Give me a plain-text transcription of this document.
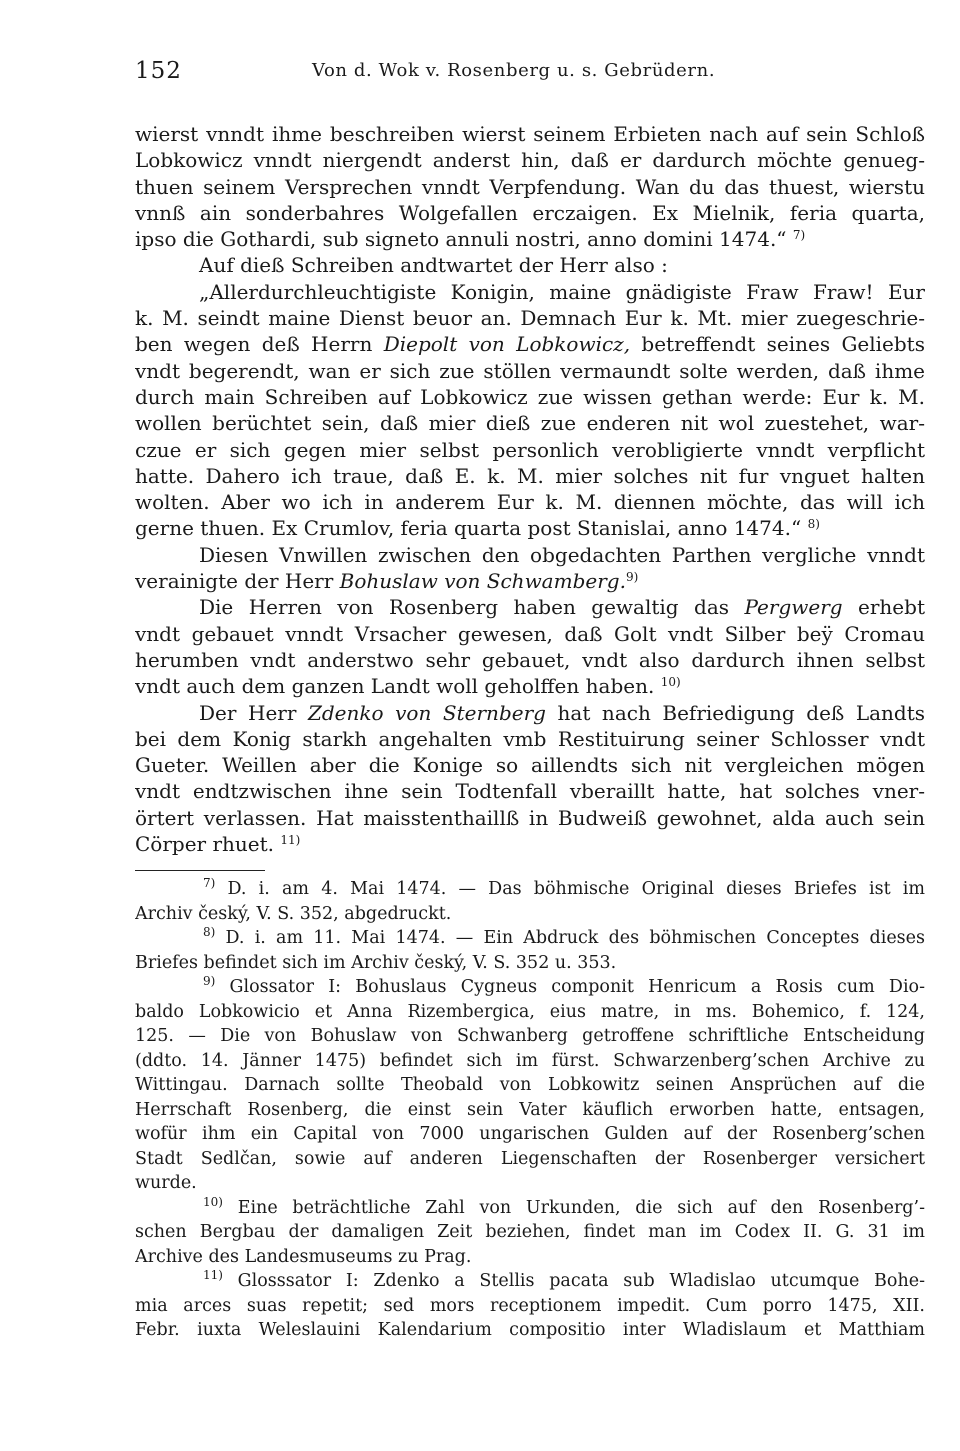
152	Von d. Wok v. Rosenberg u. s. Gebrüdern.
wierst vnndt ihme beschreiben wierst seinem Erbieten nach auf sein Schloß
Lobkowicz vnndt niergendt anderst hin, daß er dardurch möchte genueg-
thuen seinem Versprechen vnndt Verpfendung. Wan du das thuest, wierstu
vnnß ain sonderbahres Wolgefallen erczaigen. Ex Mielnik, feria quarta,
ipso die Gothardi, sub signeto annuli nostri, anno domini 1474.“ $^{7)}$
Auf dieß Schreiben andtwartet der Herr also :
„Allerdurchleuchtigiste Konigin, maine gnädigiste Fraw Fraw! Eur
k. M. seindt maine Dienst beuor an. Demnach Eur k. Mt. mier zuegeschrie-
ben wegen deß Herrn Diepolt von Lobkowicz, betreffendt seines Geliebts
vndt begerendt, wan er sich zue stöllen vermaundt solte werden, daß ihme
durch main Schreiben auf Lobkowicz zue wissen gethan werde: Eur k. M.
wollen berüchtet sein, daß mier dieß zue enderen nit wol zuestehet, war-
czue er sich gegen mier selbst personlich verobligierte vnndt verpflicht
hatte. Dahero ich traue, daß E. k. M. mier solches nit fur vnguet halten
wolten. Aber wo ich in anderem Eur k. M. diennen möchte, das will ich
gerne thuen. Ex Crumlov, feria quarta post Stanislai, anno 1474.“ $^{8)}$
Diesen Vnwillen zwischen den obgedachten Parthen vergliche vnndt
verainigte der Herr Bohuslaw von Schwamberg.$^{9)}$
Die Herren von Rosenberg haben gewaltig das Pergwerg erhebt
vndt gebauet vnndt Vrsacher gewesen, daß Golt vndt Silber beÿ Cromau
herumben vndt anderstwo sehr gebauet, vndt also dardurch ihnen selbst
vndt auch dem ganzen Landt woll geholffen haben. $^{10)}$
Der Herr Zdenko von Sternberg hat nach Befriedigung deß Landts
bei dem Konig starkh angehalten vmb Restituirung seiner Schlosser vndt
Gueter. Weillen aber die Konige so aillendts sich nit vergleichen mögen
vndt endtzwischen ihne sein Todtenfall vberaillt hatte, hat solches vner-
örtert verlassen. Hat maisstenthaillß in Budweiß gewohnet, alda auch sein
Cörper rhuet. $^{11)}$
$^{7)}$ D. i. am 4. Mai 1474. — Das böhmische Original dieses Briefes ist im
Archiv český, V. S. 352, abgedruckt.
$^{8)}$ D. i. am 11. Mai 1474. — Ein Abdruck des böhmischen Conceptes dieses
Briefes befindet sich im Archiv český, V. S. 352 u. 353.
$^{9)}$ Glossator I: Bohuslaus Cygneus componit Henricum a Rosis cum Dio-
baldo Lobkowicio et Anna Rizembergica, eius matre, in ms. Bohemico, f. 124,
125. — Die von Bohuslaw von Schwanberg getroffene schriftliche Entscheidung
(ddto. 14. Jänner 1475) befindet sich im fürst. Schwarzenberg’schen Archive zu
Wittingau. Darnach sollte Theobald von Lobkowitz seinen Ansprüchen auf die
Herrschaft Rosenberg, die einst sein Vater käuflich erworben hatte, entsagen,
wofür ihm ein Capital von 7000 ungarischen Gulden auf der Rosenberg’schen
Stadt Sedlčan, sowie auf anderen Liegenschaften der Rosenberger versichert
wurde.
$^{10)}$ Eine beträchtliche Zahl von Urkunden, die sich auf den Rosenberg’-
schen Bergbau der damaligen Zeit beziehen, findet man im Codex II. G. 31 im
Archive des Landesmuseums zu Prag.
$^{11)}$ Glosssator I: Zdenko a Stellis pacata sub Wladislao utcumque Bohe-
mia arces suas repetit; sed mors receptionem impedit. Cum porro 1475, XII.
Febr. iuxta Weleslauini Kalendarium compositio inter Wladislaum et Matthiam
